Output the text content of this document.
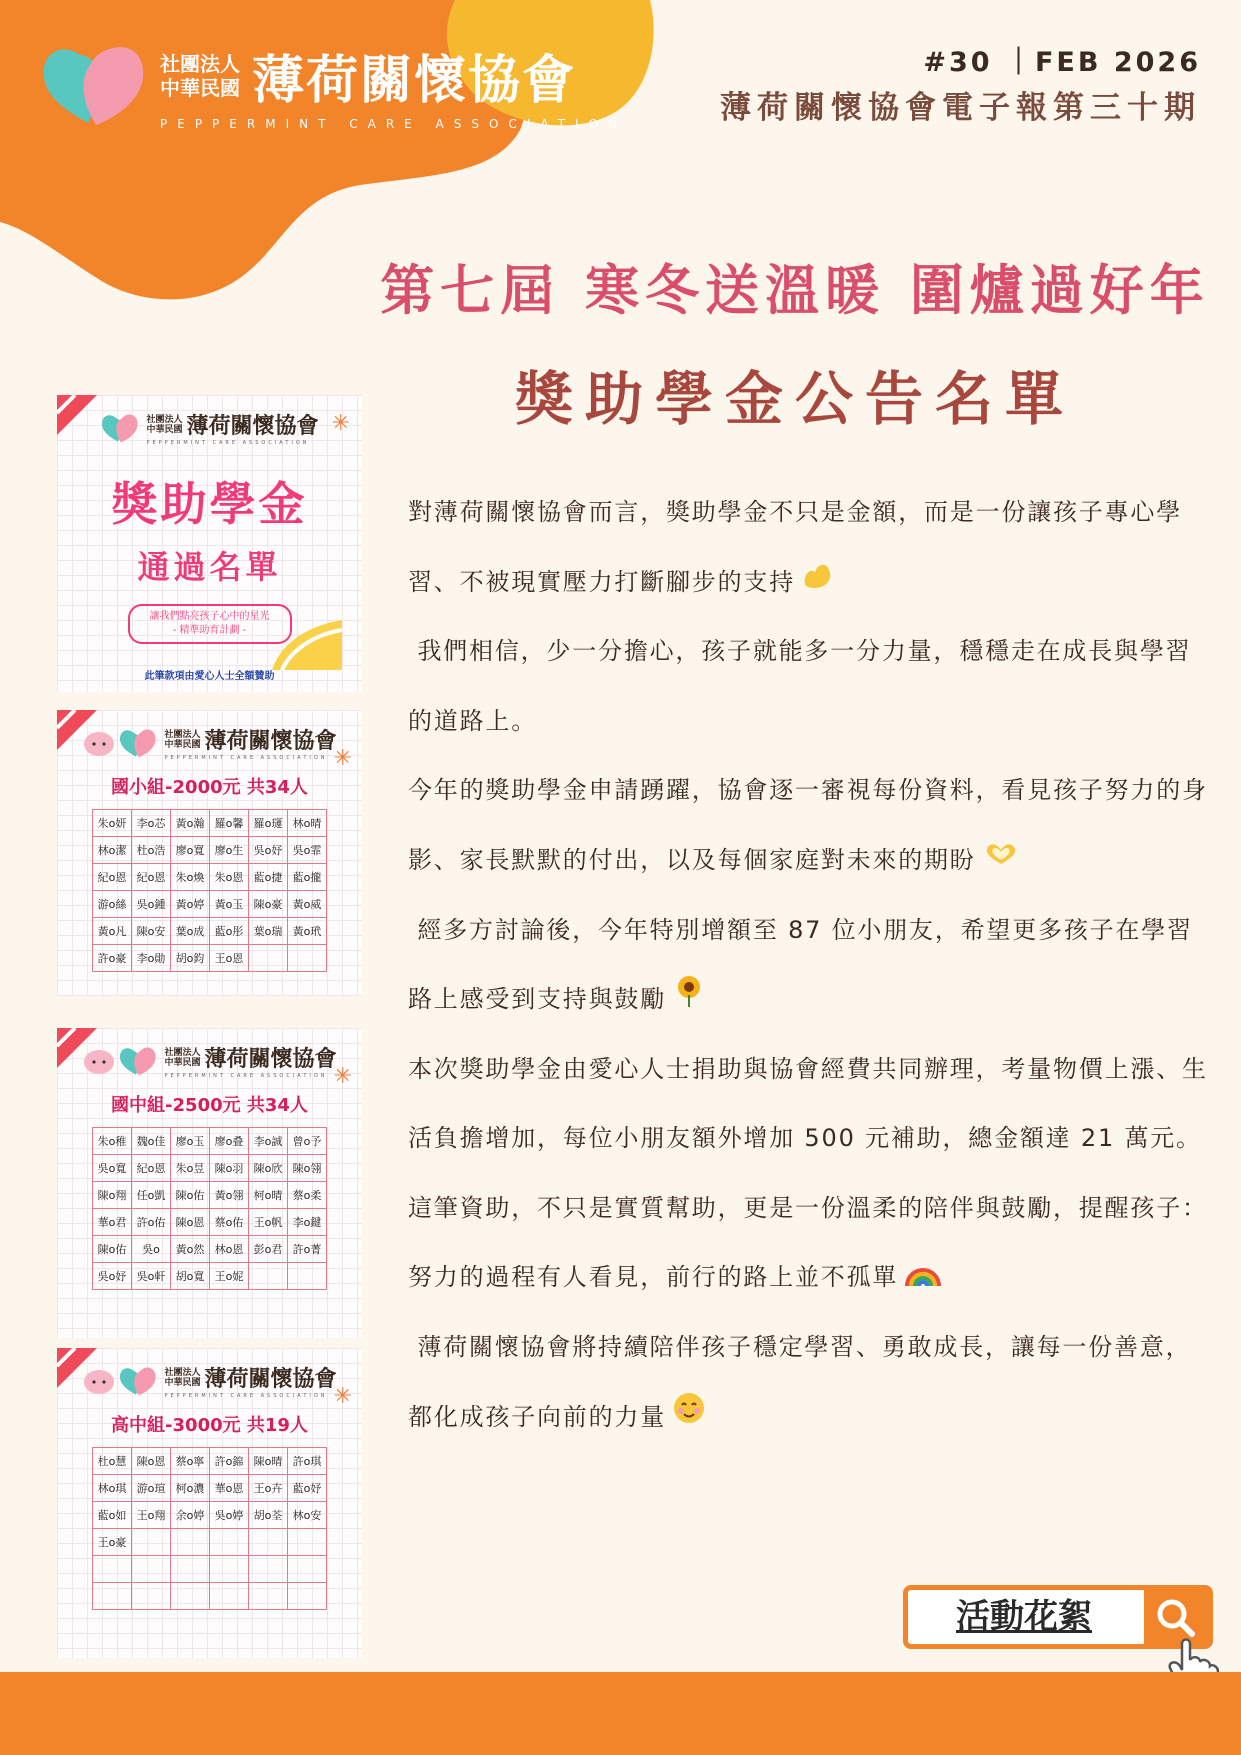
社團法人
中華民國 薄荷關懷協會
PEPPERMINT CARE ASSOCIATION
#30 ｜FEB 2026
薄荷關懷協會電子報第三十期
第七屆 寒冬送溫暖 圍爐過好年
獎助學金公告名單
✳
社團法人
中華民國 薄荷關懷協會
PEPPERMINT CARE ASSOCIATION
獎助學金
通過名單
讓我們點亮孩子心中的星光
- 精準助育計劃 -
此筆款項由愛心人士全額贊助
✳
社團法人
中華民國 薄荷關懷協會
PEPPERMINT CARE ASSOCIATION
國小組-2000元 共34人
朱o妍	李o芯	黃o瀚	羅o馨	羅o璭	林o晴
林o潔	杜o浩	廖o寬	廖o生	吳o妤	吳o霏
紀o恩	紀o恩	朱o煥	朱o恩	藍o捷	藍o攏
游o絲	吳o鍾	黃o婷	黃o玉	陳o豪	黃o威
黃o凡	陳o安	葉o成	藍o彤	葉o瑞	黃o玳
許o豪	李o勛	胡o鈞	王o恩		
✳
社團法人
中華民國 薄荷關懷協會
PEPPERMINT CARE ASSOCIATION
國中組-2500元 共34人
朱o稚	魏o佳	廖o玉	廖o叠	李o誠	曾o予
吳o寬	紀o恩	朱o昱	陳o羽	陳o欣	陳o翎
陳o翔	任o凱	陳o佑	黃o翎	柯o晴	蔡o柔
華o君	許o佑	陳o恩	蔡o佑	王o帆	李o鍵
陳o佑	吳o	黃o然	林o恩	彭o君	許o菁
吳o妤	吳o軒	胡o寬	王o妮		
✳
社團法人
中華民國 薄荷關懷協會
PEPPERMINT CARE ASSOCIATION
高中組-3000元 共19人
杜o慧	陳o恩	蔡o寧	許o錦	陳o晴	許o琪
林o琪	游o瑄	柯o濃	華o恩	王o卉	藍o妤
藍o如	王o翔	余o婷	吳o婷	胡o荃	林o安
王o豪					

對薄荷關懷協會而言，獎助學金不只是金額，而是一份讓孩子專心學習、不被現實壓力打斷腳步的支持

我們相信，少一分擔心，孩子就能多一分力量，穩穩走在成長與學習的道路上。

今年的獎助學金申請踴躍，協會逐一審視每份資料，看見孩子努力的身影、家長默默的付出，以及每個家庭對未來的期盼

經多方討論後，今年特別增額至 87 位小朋友，希望更多孩子在學習路上感受到支持與鼓勵

本次獎助學金由愛心人士捐助與協會經費共同辦理，考量物價上漲、生活負擔增加，每位小朋友額外增加 500 元補助，總金額達 21 萬元。

這筆資助，不只是實質幫助，更是一份溫柔的陪伴與鼓勵，提醒孩子：努力的過程有人看見，前行的路上並不孤單

薄荷關懷協會將持續陪伴孩子穩定學習、勇敢成長，讓每一份善意，都化成孩子向前的力量

活動花絮
